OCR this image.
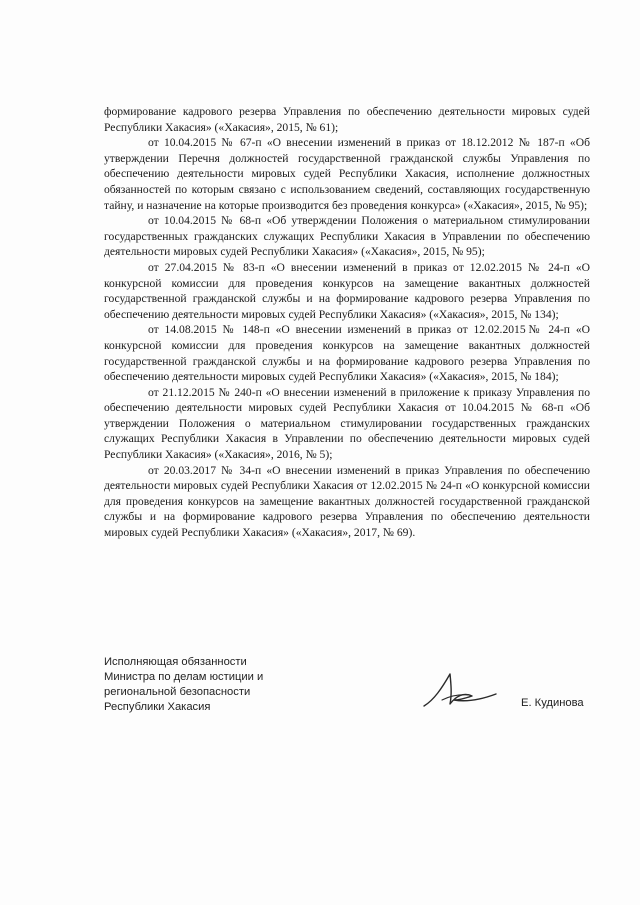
формирование кадрового резерва Управления по обеспечению деятельности мировых судей Республики Хакасия» («Хакасия», 2015, № 61);

от 10.04.2015 № 67-п «О внесении изменений в приказ от 18.12.2012 № 187-п «Об утверждении Перечня должностей государственной гражданской службы Управления по обеспечению деятельности мировых судей Республики Хакасия, исполнение должностных обязанностей по которым связано с использованием сведений, составляющих государственную тайну, и назначение на которые производится без проведения конкурса» («Хакасия», 2015, № 95);

от 10.04.2015 № 68-п «Об утверждении Положения о материальном стимулировании государственных гражданских служащих Республики Хакасия в Управлении по обеспечению деятельности мировых судей Республики Хакасия» («Хакасия», 2015, № 95);

от 27.04.2015 № 83-п «О внесении изменений в приказ от 12.02.2015 № 24-п «О конкурсной комиссии для проведения конкурсов на замещение вакантных должностей государственной гражданской службы и на формирование кадрового резерва Управления по обеспечению деятельности мировых судей Республики Хакасия» («Хакасия», 2015, № 134);

от 14.08.2015 № 148-п «О внесении изменений в приказ от 12.02.2015№ 24-п «О конкурсной комиссии для проведения конкурсов на замещение вакантных должностей государственной гражданской службы и на формирование кадрового резерва Управления по обеспечению деятельности мировых судей Республики Хакасия» («Хакасия», 2015, № 184);

от 21.12.2015 № 240-п «О внесении изменений в приложение к приказу Управления по обеспечению деятельности мировых судей Республики Хакасия от 10.04.2015 № 68-п «Об утверждении Положения о материальном стимулировании государственных гражданских служащих Республики Хакасия в Управлении по обеспечению деятельности мировых судей Республики Хакасия» («Хакасия», 2016, № 5);

от 20.03.2017 № 34-п «О внесении изменений в приказ Управления по обеспечению деятельности мировых судей Республики Хакасия от 12.02.2015 № 24-п «О конкурсной комиссии для проведения конкурсов на замещение вакантных должностей государственной гражданской службы и на формирование кадрового резерва Управления по обеспечению деятельности мировых судей Республики Хакасия» («Хакасия», 2017, № 69).

Исполняющая обязанности
Министра по делам юстиции и
региональной безопасности
Республики Хакасия	Е. Кудинова
